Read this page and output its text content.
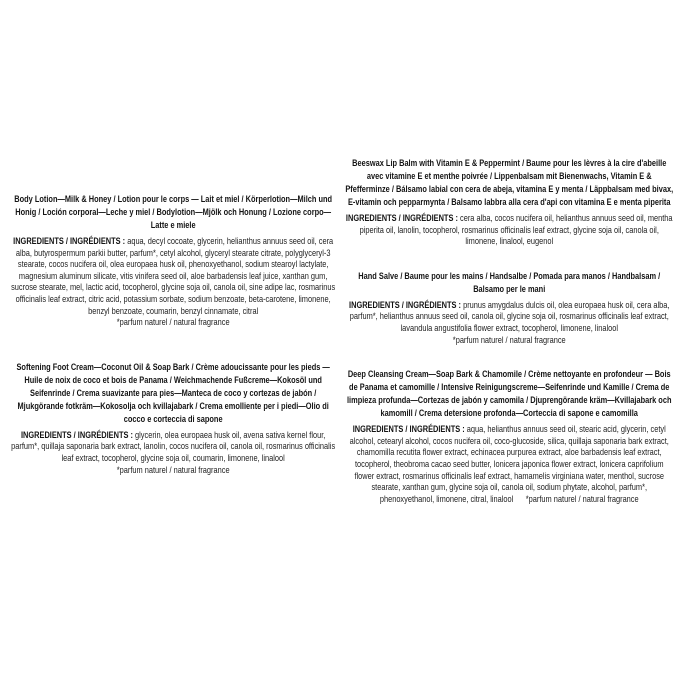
Body Lotion—Milk & Honey / Lotion pour le corps — Lait et miel / Körperlotion—Milch und Honig / Loción corporal—Leche y miel / Bodylotion—Mjölk och Honung / Lozione corpo—Latte e miele

INGREDIENTS / INGRÉDIENTS : aqua, decyl cocoate, glycerin, helianthus annuus seed oil, cera alba, butyrospermum parkii butter, parfum*, cetyl alcohol, glyceryl stearate citrate, polyglyceryl-3 stearate, cocos nucifera oil, olea europaea husk oil, phenoxyethanol, sodium stearoyl lactylate, magnesium aluminum silicate, vitis vinifera seed oil, aloe barbadensis leaf juice, xanthan gum, sucrose stearate, mel, lactic acid, tocopherol, glycine soja oil, canola oil, sine adipe lac, rosmarinus officinalis leaf extract, citric acid, potassium sorbate, sodium benzoate, beta-carotene, limonene, benzyl benzoate, coumarin, benzyl cinnamate, citral

*parfum naturel / natural fragrance

Softening Foot Cream—Coconut Oil & Soap Bark / Crème adoucissante pour les pieds — Huile de noix de coco et bois de Panama / Weichmachende Fußcreme—Kokosöl und Seifenrinde / Crema suavizante para pies—Manteca de coco y cortezas de jabón / Mjukgörande fotkräm—Kokosolja och kvillajabark / Crema emolliente per i piedi—Olio di cocco e corteccia di sapone

INGREDIENTS / INGRÉDIENTS : glycerin, olea europaea husk oil, avena sativa kernel flour, parfum*, quillaja saponaria bark extract, lanolin, cocos nucifera oil, canola oil, rosmarinus officinalis leaf extract, tocopherol, glycine soja oil, coumarin, limonene, linalool

*parfum naturel / natural fragrance

Beeswax Lip Balm with Vitamin E & Peppermint / Baume pour les lèvres à la cire d'abeille avec vitamine E et menthe poivrée / Lippenbalsam mit Bienenwachs, Vitamin E & Pfefferminze / Bálsamo labial con cera de abeja, vitamina E y menta / Läppbalsam med bivax, E-vitamin och pepparmynta / Balsamo labbra alla cera d'api con vitamina E e menta piperita

INGREDIENTS / INGRÉDIENTS : cera alba, cocos nucifera oil, helianthus annuus seed oil, mentha piperita oil, lanolin, tocopherol, rosmarinus officinalis leaf extract, glycine soja oil, canola oil, limonene, linalool, eugenol

Hand Salve / Baume pour les mains / Handsalbe / Pomada para manos / Handbalsam / Balsamo per le mani

INGREDIENTS / INGRÉDIENTS : prunus amygdalus dulcis oil, olea europaea husk oil, cera alba, parfum*, helianthus annuus seed oil, canola oil, glycine soja oil, rosmarinus officinalis leaf extract, lavandula angustifolia flower extract, tocopherol, limonene, linalool

*parfum naturel / natural fragrance

Deep Cleansing Cream—Soap Bark & Chamomile / Crème nettoyante en profondeur — Bois de Panama et camomille / Intensive Reinigungscreme—Seifenrinde und Kamille / Crema de limpieza profunda—Cortezas de jabón y camomila / Djuprengörande kräm—Kvillajabark och kamomill / Crema detersione profonda—Corteccia di sapone e camomilla

INGREDIENTS / INGRÉDIENTS : aqua, helianthus annuus seed oil, stearic acid, glycerin, cetyl alcohol, cetearyl alcohol, cocos nucifera oil, coco-glucoside, silica, quillaja saponaria bark extract, chamomilla recutita flower extract, echinacea purpurea extract, aloe barbadensis leaf extract, tocopherol, theobroma cacao seed butter, lonicera japonica flower extract, lonicera caprifolium flower extract, rosmarinus officinalis leaf extract, hamamelis virginiana water, menthol, sucrose stearate, xanthan gum, glycine soja oil, canola oil, sodium phytate, alcohol, parfum*, phenoxyethanol, limonene, citral, linalool *parfum naturel / natural fragrance
